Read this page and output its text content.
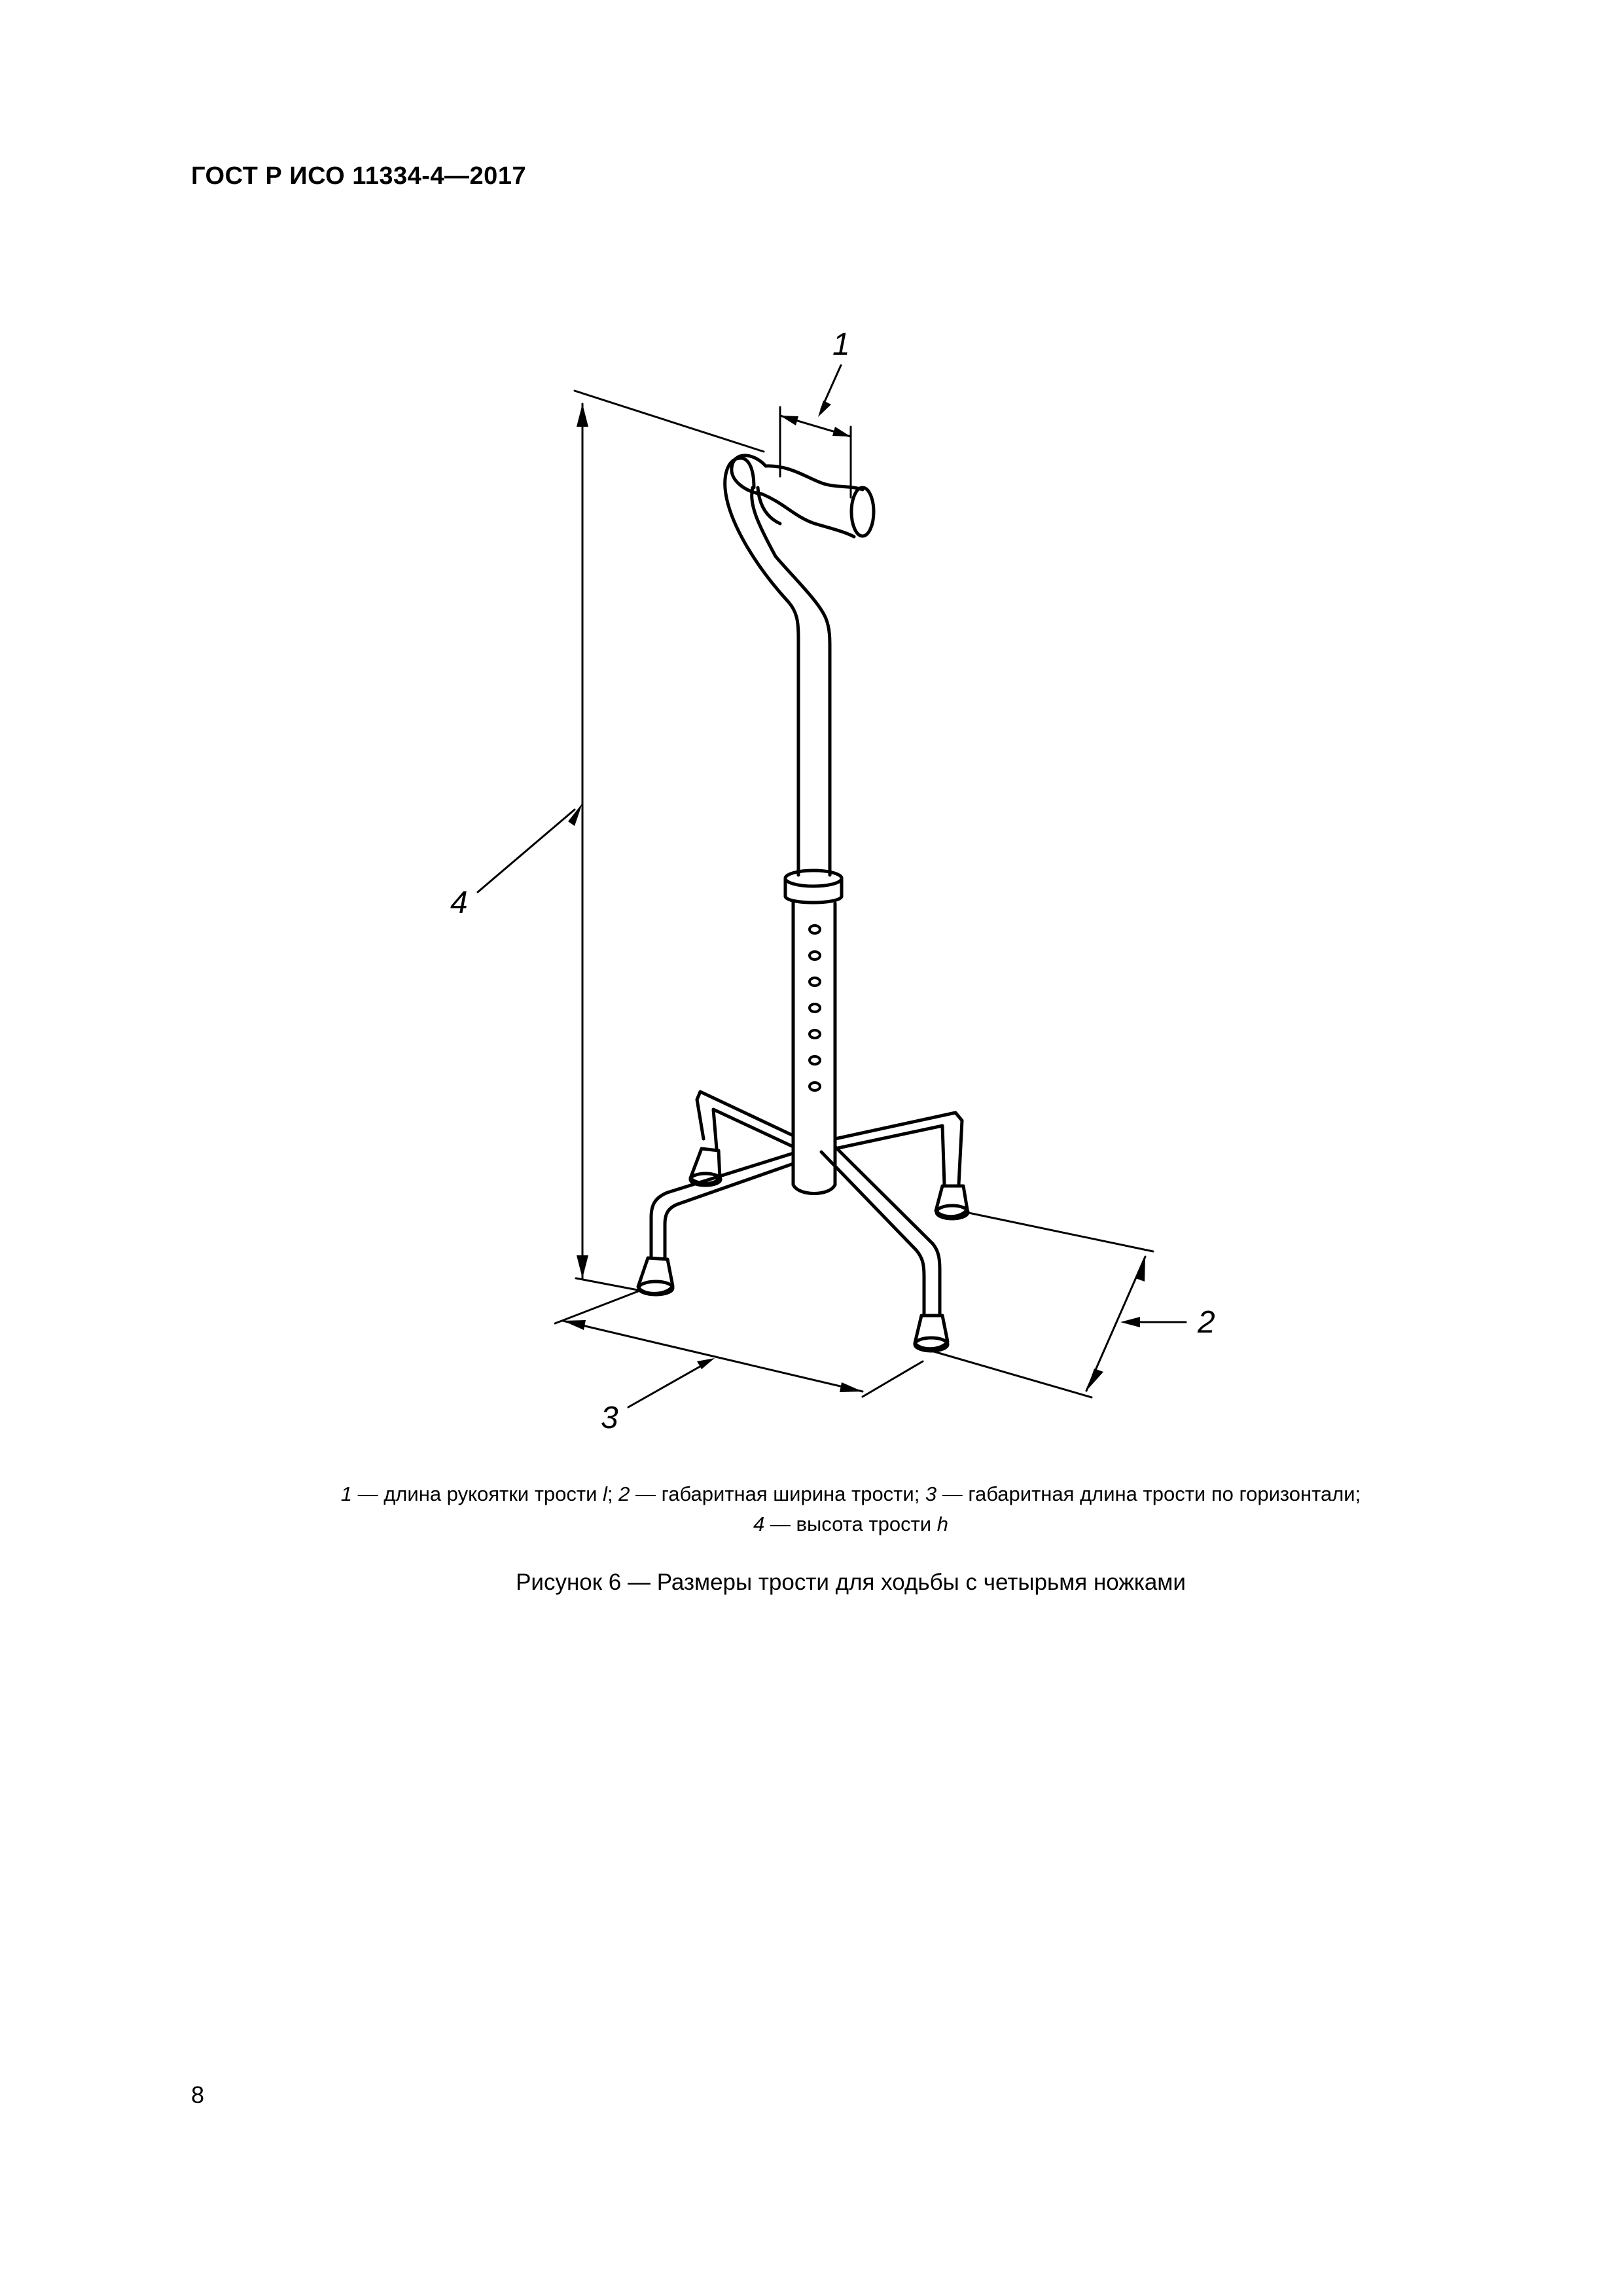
ГОСТ Р ИСО 11334-4—2017
1
2
3
4
1 — длина рукоятки трости l; 2 — габаритная ширина трости; 3 — габаритная длина трости по горизонтали;
4 — высота трости h
Рисунок 6 — Размеры трости для ходьбы с четырьмя ножками
8
